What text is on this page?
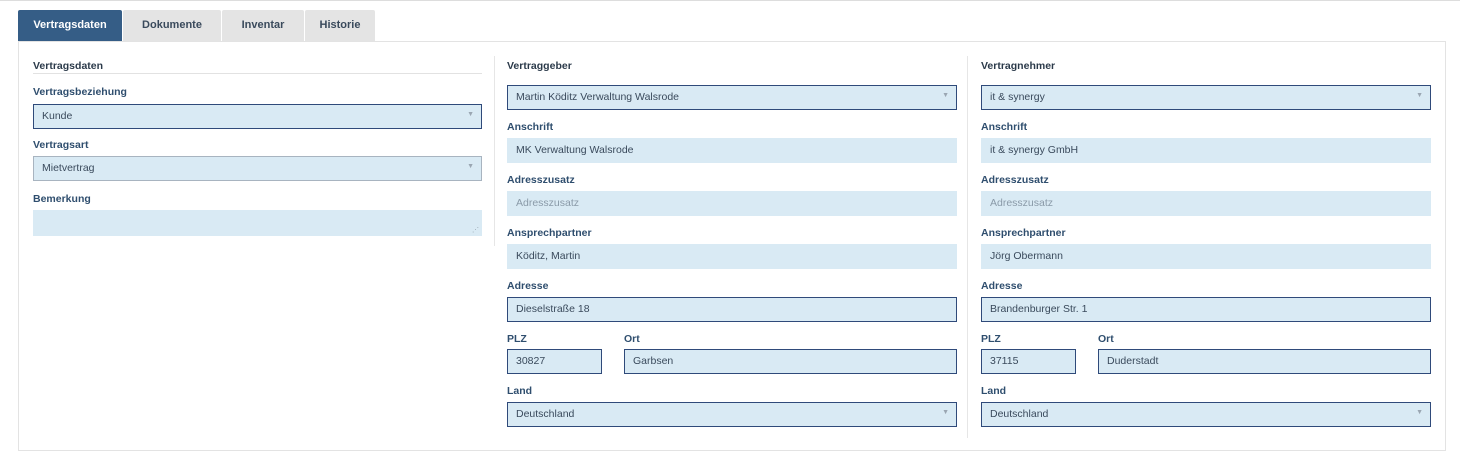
Vertragsdaten	Dokumente	Inventar	Historie
Vertragsdaten
Vertragsbeziehung
Kunde	▼
Vertragsart
Mietvertrag	▼
Bemerkung
⋰
Vertraggeber
Martin Köditz Verwaltung Walsrode	▼
Anschrift
MK Verwaltung Walsrode
Adresszusatz
Adresszusatz
Ansprechpartner
Köditz, Martin
Adresse
Dieselstraße 18
PLZ	Ort
30827	Garbsen
Land
Deutschland	▼
Vertragnehmer
it & synergy	▼
Anschrift
it & synergy GmbH
Adresszusatz
Adresszusatz
Ansprechpartner
Jörg Obermann
Adresse
Brandenburger Str. 1
PLZ	Ort
37115	Duderstadt
Land
Deutschland	▼
